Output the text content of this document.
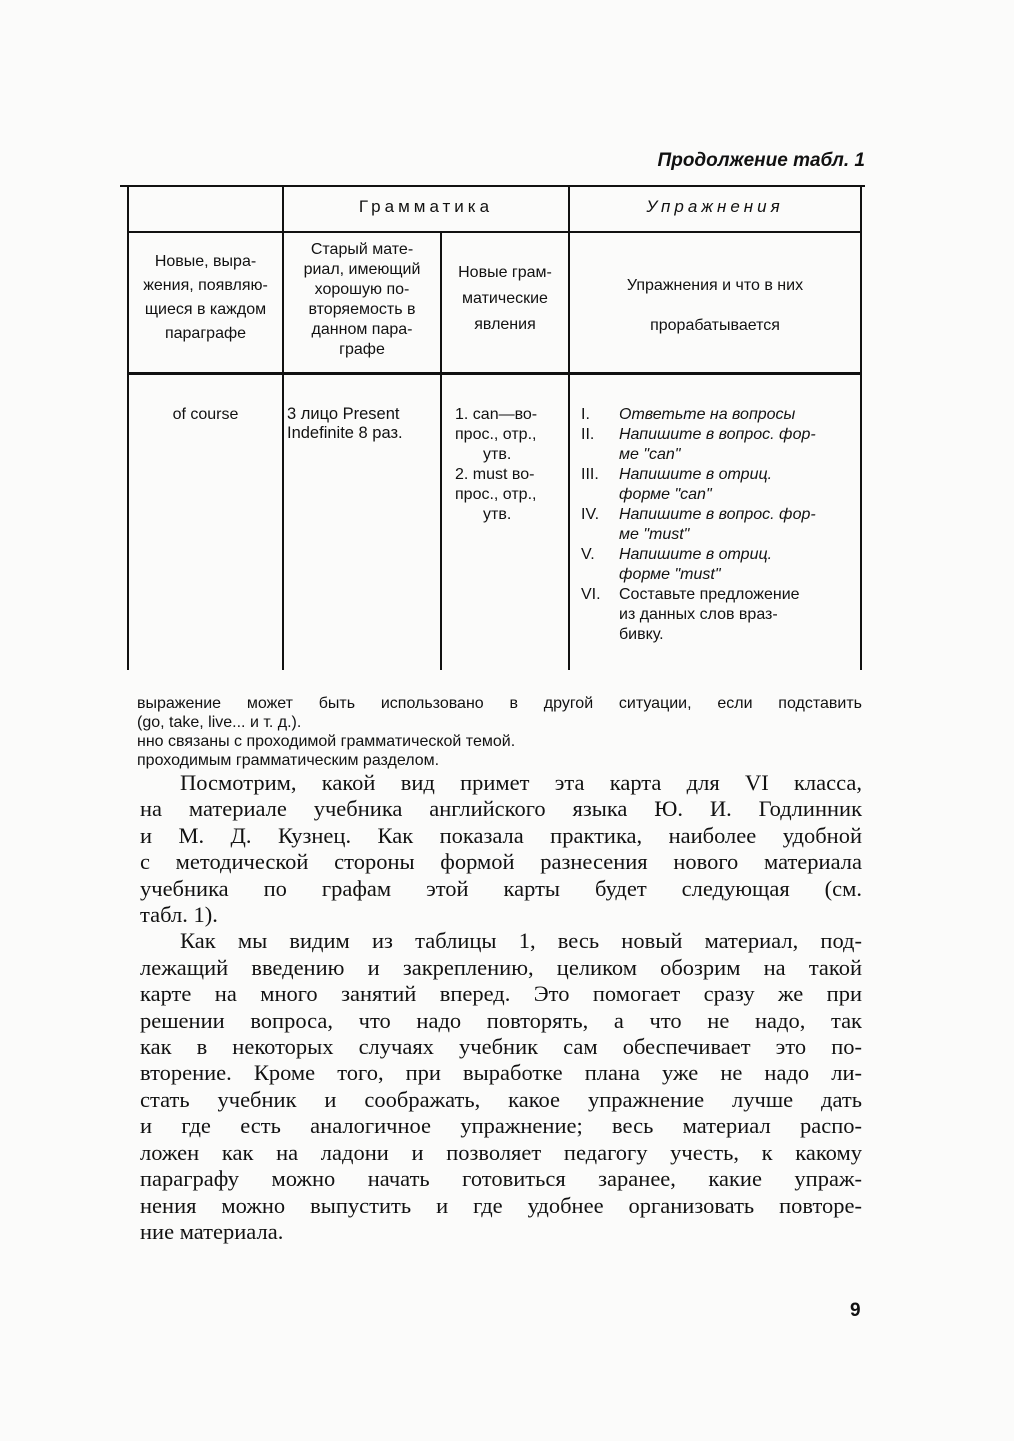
Продолжение табл. 1
Грамматика	Упражнения
Новые, выра-
жения, появляю-
щиеся в каждом
параграфе
Старый мате-
риал, имеющий
хорошую по-
вторяемость в
данном пара-
графе
Новые грам-
матические
явления
Упражнения и что в них
прорабатывается
of course	3 лицо Present
Indefinite 8 раз.
1. can—во-
прос., отр.,
утв.
2. must во-
прос., отр.,
утв.
I. Ответьте на вопросы
II. Напишите в вопрос. фор-
ме "can"
III. Напишите в отриц.
форме "can"
IV. Напишите в вопрос. фор-
ме "must"
V. Напишите в отриц.
форме "must"
VI. Составьте предложение
из данных слов враз-
бивку.
выражение может быть использовано в другой ситуации, если подставить
(go, take, live... и т. д.).
нно связаны с проходимой грамматической темой.
проходимым грамматическим разделом.
Посмотрим, какой вид примет эта карта для VI класса,
на материале учебника английского языка Ю. И. Годлинник
и М. Д. Кузнец. Как показала практика, наиболее удобной
с методической стороны формой разнесения нового материала
учебника по графам этой карты будет следующая (см.
табл. 1).
Как мы видим из таблицы 1, весь новый материал, под-
лежащий введению и закреплению, целиком обозрим на такой
карте на много занятий вперед. Это помогает сразу же при
решении вопроса, что надо повторять, а что не надо, так
как в некоторых случаях учебник сам обеспечивает это по-
вторение. Кроме того, при выработке плана уже не надо ли-
стать учебник и соображать, какое упражнение лучше дать
и где есть аналогичное упражнение; весь материал распо-
ложен как на ладони и позволяет педагогу учесть, к какому
параграфу можно начать готовиться заранее, какие упраж-
нения можно выпустить и где удобнее организовать повторе-
ние материала.
9
